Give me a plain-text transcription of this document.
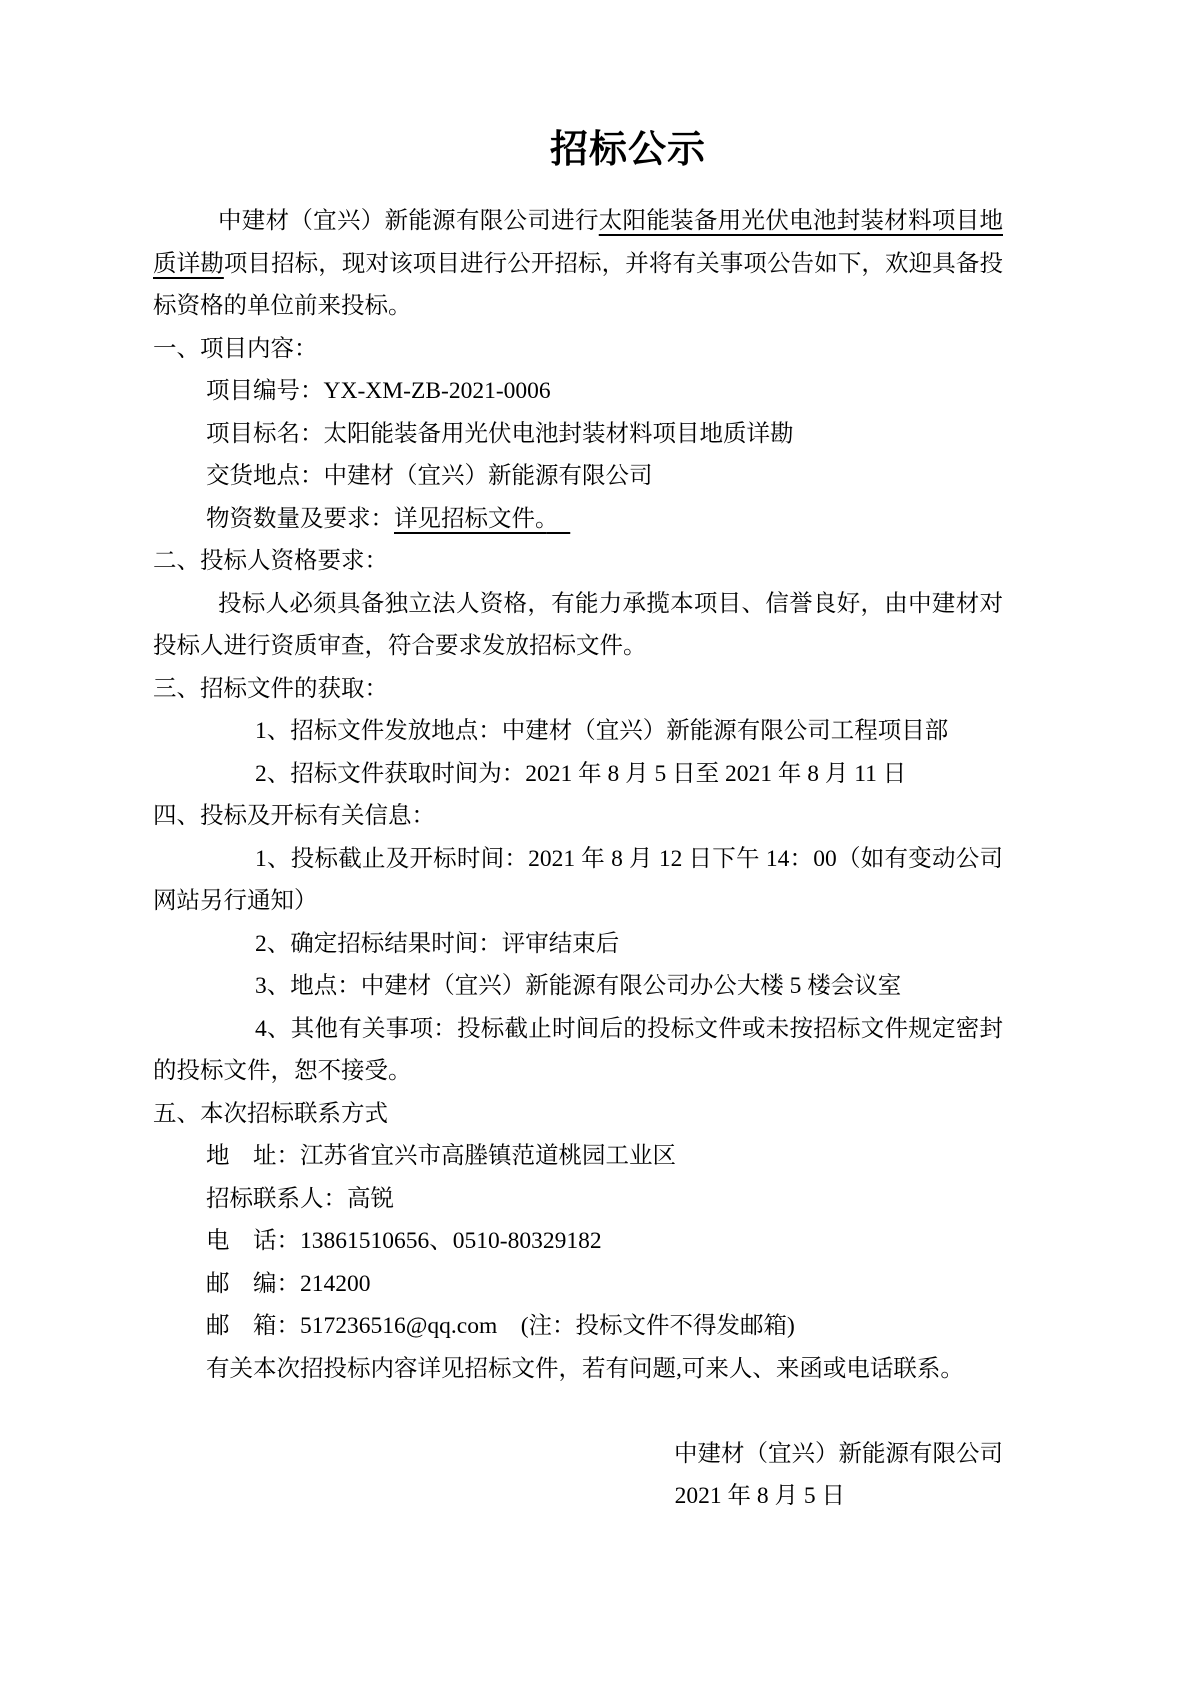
招标公示

中建材（宜兴）新能源有限公司进行太阳能装备用光伏电池封装材料项目地质详勘项目招标，现对该项目进行公开招标，并将有关事项公告如下，欢迎具备投标资格的单位前来投标。

一、项目内容：

项目编号：YX-XM-ZB-2021-0006

项目标名：太阳能装备用光伏电池封装材料项目地质详勘

交货地点：中建材（宜兴）新能源有限公司

物资数量及要求：详见招标文件。

二、投标人资格要求：

投标人必须具备独立法人资格，有能力承揽本项目、信誉良好，由中建材对投标人进行资质审查，符合要求发放招标文件。

三、招标文件的获取：

1、招标文件发放地点：中建材（宜兴）新能源有限公司工程项目部

2、招标文件获取时间为：2021 年 8 月 5 日至 2021 年 8 月 11 日

四、投标及开标有关信息：

1、投标截止及开标时间：2021 年 8 月 12 日下午 14：00（如有变动公司网站另行通知）

2、确定招标结果时间：评审结束后

3、地点：中建材（宜兴）新能源有限公司办公大楼 5 楼会议室

4、其他有关事项：投标截止时间后的投标文件或未按招标文件规定密封的投标文件，恕不接受。

五、本次招标联系方式

地　址：江苏省宜兴市高塍镇范道桃园工业区

招标联系人：高锐

电　话：13861510656、0510-80329182

邮　编：214200

邮　箱：517236516@qq.com　(注：投标文件不得发邮箱)

有关本次招投标内容详见招标文件，若有问题,可来人、来函或电话联系。

中建材（宜兴）新能源有限公司

2021 年 8 月 5 日
